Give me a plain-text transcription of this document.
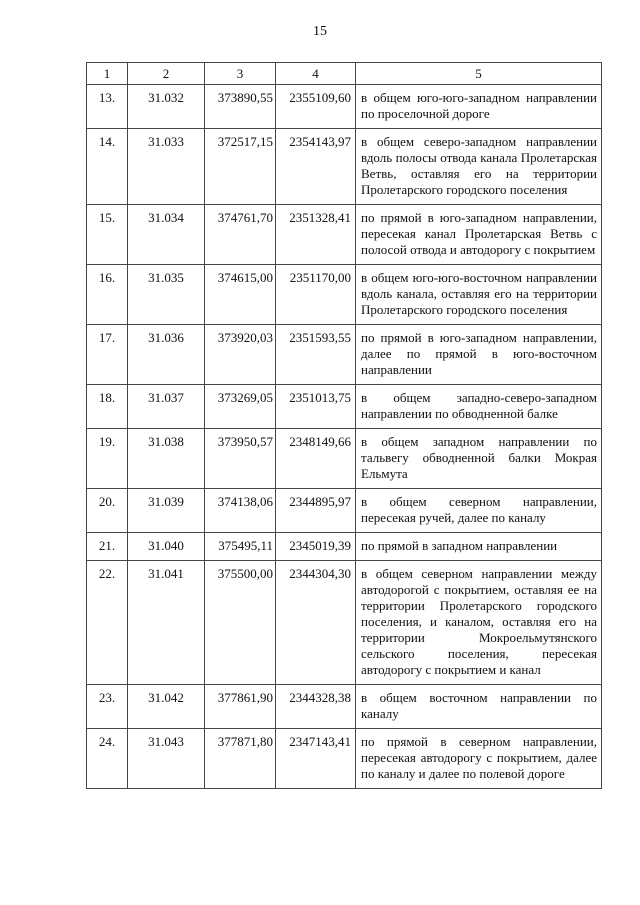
15
1	2	3	4	5
13.	31.032	373890,55	2355109,60	в общем юго-юго-западном направлении по проселочной дороге
14.	31.033	372517,15	2354143,97	в общем северо-западном направлении вдоль полосы отвода канала Пролетарская Ветвь, оставляя его на территории Пролетарского городского поселения
15.	31.034	374761,70	2351328,41	по прямой в юго-западном направлении, пересекая канал Пролетарская Ветвь с полосой отвода и автодорогу с покрытием
16.	31.035	374615,00	2351170,00	в общем юго-юго-восточном направлении вдоль канала, оставляя его на территории Пролетарского городского поселения
17.	31.036	373920,03	2351593,55	по прямой в юго-западном направлении, далее по прямой в юго-восточном направлении
18.	31.037	373269,05	2351013,75	в общем западно-северо-западном направлении по обводненной балке
19.	31.038	373950,57	2348149,66	в общем западном направлении по тальвегу обводненной балки Мокрая Ельмута
20.	31.039	374138,06	2344895,97	в общем северном направлении, пересекая ручей, далее по каналу
21.	31.040	375495,11	2345019,39	по прямой в западном направлении
22.	31.041	375500,00	2344304,30	в общем северном направлении между автодорогой с покрытием, оставляя ее на территории Пролетарского городского поселения, и каналом, оставляя его на территории Мокроельмутянского сельского поселения, пересекая автодорогу с покрытием и канал
23.	31.042	377861,90	2344328,38	в общем восточном направлении по каналу
24.	31.043	377871,80	2347143,41	по прямой в северном направлении, пересекая автодорогу с покрытием, далее по каналу и далее по полевой дороге
